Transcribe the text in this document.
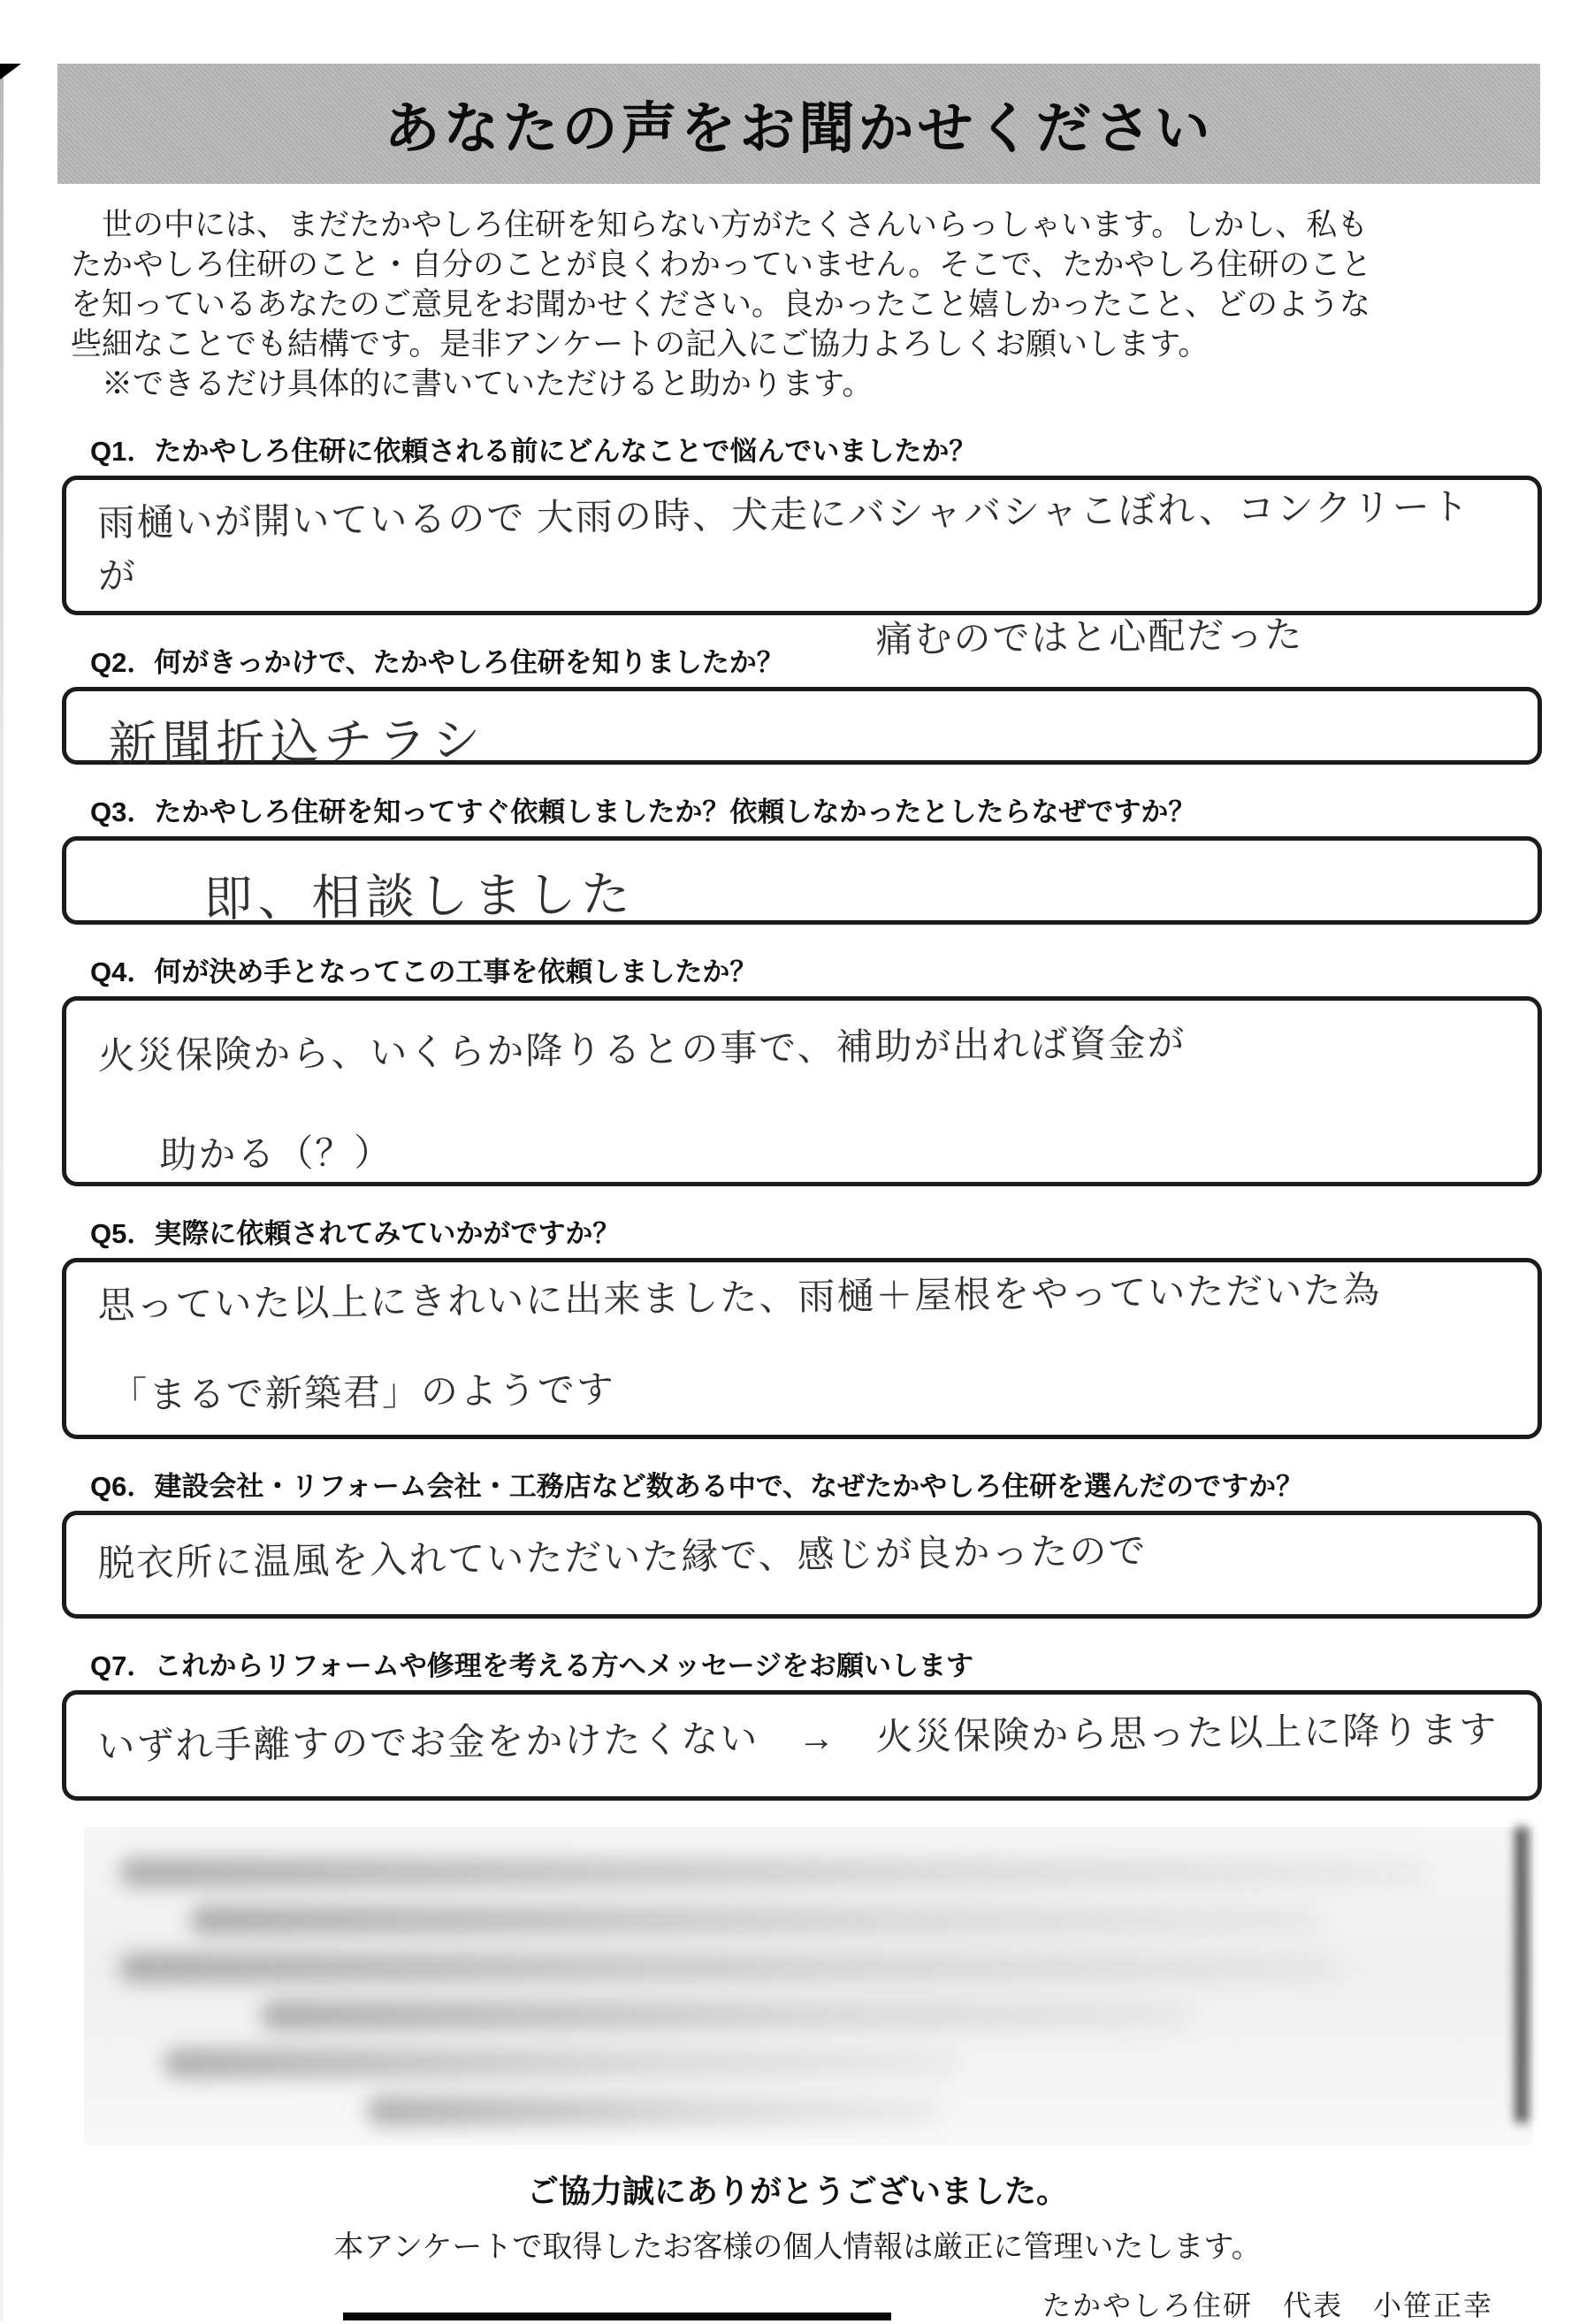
あなたの声をお聞かせください
　世の中には、まだたかやしろ住研を知らない方がたくさんいらっしゃいます。しかし、私も
たかやしろ住研のこと・自分のことが良くわかっていません。そこで、たかやしろ住研のこと
を知っているあなたのご意見をお聞かせください。良かったこと嬉しかったこと、どのような
些細なことでも結構です。是非アンケートの記入にご協力よろしくお願いします。
　※できるだけ具体的に書いていただけると助かります。
Q1．たかやしろ住研に依頼される前にどんなことで悩んでいましたか？
雨樋いが開いているので 大雨の時、犬走にバシャバシャこぼれ、コンクリートが
痛むのではと心配だった
Q2．何がきっかけで、たかやしろ住研を知りましたか？
新聞折込チラシ
Q3．たかやしろ住研を知ってすぐ依頼しましたか？依頼しなかったとしたらなぜですか？
即、相談しました
Q4．何が決め手となってこの工事を依頼しましたか？
火災保険から、いくらか降りるとの事で、補助が出れば資金が
助かる（？）
Q5．実際に依頼されてみていかがですか？
思っていた以上にきれいに出来ました、雨樋＋屋根をやっていただいた為
「まるで新築君」のようです
Q6．建設会社・リフォーム会社・工務店など数ある中で、なぜたかやしろ住研を選んだのですか？
脱衣所に温風を入れていただいた縁で、感じが良かったので
Q7．これからリフォームや修理を考える方へメッセージをお願いします
いずれ手離すのでお金をかけたくない　→　火災保険から思った以上に降ります
ご協力誠にありがとうございました。
本アンケートで取得したお客様の個人情報は厳正に管理いたします。
たかやしろ住研　代表　小笹正幸
